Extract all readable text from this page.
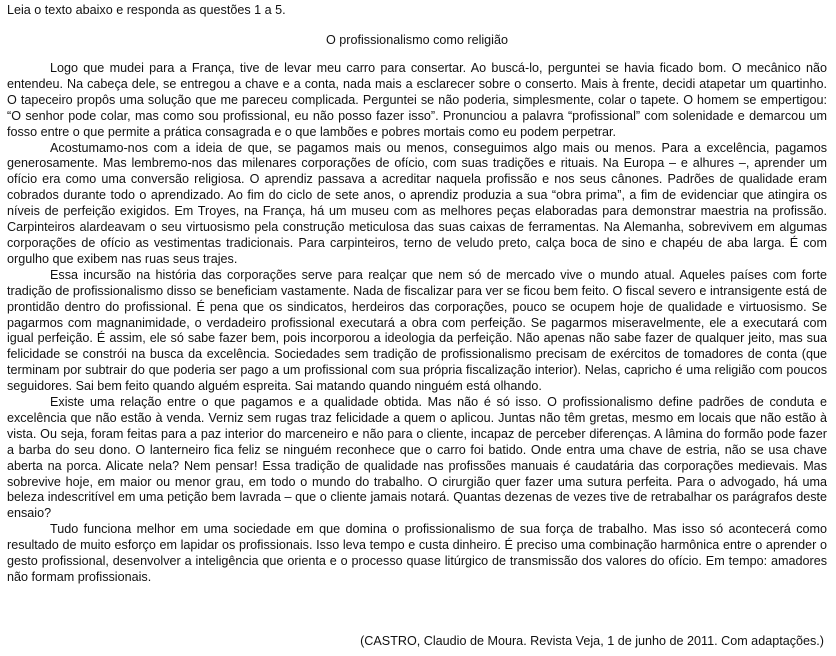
Leia o texto abaixo e responda as questões 1 a 5.

O profissionalismo como religião

Logo que mudei para a França, tive de levar meu carro para consertar. Ao buscá-lo, perguntei se havia ficado bom. O mecânico não entendeu. Na cabeça dele, se entregou a chave e a conta, nada mais a esclarecer sobre o conserto. Mais à frente, decidi atapetar um quartinho. O tapeceiro propôs uma solução que me pareceu complicada. Perguntei se não poderia, simplesmente, colar o tapete. O homem se empertigou: “O senhor pode colar, mas como sou profissional, eu não posso fazer isso”. Pronunciou a palavra “profissional” com solenidade e demarcou um fosso entre o que permite a prática consagrada e o que lambões e pobres mortais como eu podem perpetrar.

Acostumamo-nos com a ideia de que, se pagamos mais ou menos, conseguimos algo mais ou menos. Para a excelência, pagamos generosamente. Mas lembremo-nos das milenares corporações de ofício, com suas tradições e rituais. Na Europa – e alhures –, aprender um ofício era como uma conversão religiosa. O aprendiz passava a acreditar naquela profissão e nos seus cânones. Padrões de qualidade eram cobrados durante todo o aprendizado. Ao fim do ciclo de sete anos, o aprendiz produzia a sua “obra prima”, a fim de evidenciar que atingira os níveis de perfeição exigidos. Em Troyes, na França, há um museu com as melhores peças elaboradas para demonstrar maestria na profissão. Carpinteiros alardeavam o seu virtuosismo pela construção meticulosa das suas caixas de ferramentas. Na Alemanha, sobrevivem em algumas corporações de ofício as vestimentas tradicionais. Para carpinteiros, terno de veludo preto, calça boca de sino e chapéu de aba larga. É com orgulho que exibem nas ruas seus trajes.

Essa incursão na história das corporações serve para realçar que nem só de mercado vive o mundo atual. Aqueles países com forte tradição de profissionalismo disso se beneficiam vastamente. Nada de fiscalizar para ver se ficou bem feito. O fiscal severo e intransigente está de prontidão dentro do profissional. É pena que os sindicatos, herdeiros das corporações, pouco se ocupem hoje de qualidade e virtuosismo. Se pagarmos com magnanimidade, o verdadeiro profissional executará a obra com perfeição. Se pagarmos miseravelmente, ele a executará com igual perfeição. É assim, ele só sabe fazer bem, pois incorporou a ideologia da perfeição. Não apenas não sabe fazer de qualquer jeito, mas sua felicidade se constrói na busca da excelência. Sociedades sem tradição de profissionalismo precisam de exércitos de tomadores de conta (que terminam por subtrair do que poderia ser pago a um profissional com sua própria fiscalização interior). Nelas, capricho é uma religião com poucos seguidores. Sai bem feito quando alguém espreita. Sai matando quando ninguém está olhando.

Existe uma relação entre o que pagamos e a qualidade obtida. Mas não é só isso. O profissionalismo define padrões de conduta e excelência que não estão à venda. Verniz sem rugas traz felicidade a quem o aplicou. Juntas não têm gretas, mesmo em locais que não estão à vista. Ou seja, foram feitas para a paz interior do marceneiro e não para o cliente, incapaz de perceber diferenças. A lâmina do formão pode fazer a barba do seu dono. O lanterneiro fica feliz se ninguém reconhece que o carro foi batido. Onde entra uma chave de estria, não se usa chave aberta na porca. Alicate nela? Nem pensar! Essa tradição de qualidade nas profissões manuais é caudatária das corporações medievais. Mas sobrevive hoje, em maior ou menor grau, em todo o mundo do trabalho. O cirurgião quer fazer uma sutura perfeita. Para o advogado, há uma beleza indescritível em uma petição bem lavrada – que o cliente jamais notará. Quantas dezenas de vezes tive de retrabalhar os parágrafos deste ensaio?

Tudo funciona melhor em uma sociedade em que domina o profissionalismo de sua força de trabalho. Mas isso só acontecerá como resultado de muito esforço em lapidar os profissionais. Isso leva tempo e custa dinheiro. É preciso uma combinação harmônica entre o aprender o gesto profissional, desenvolver a inteligência que orienta e o processo quase litúrgico de transmissão dos valores do ofício. Em tempo: amadores não formam profissionais.

(CASTRO, Claudio de Moura. Revista Veja, 1 de junho de 2011. Com adaptações.)
